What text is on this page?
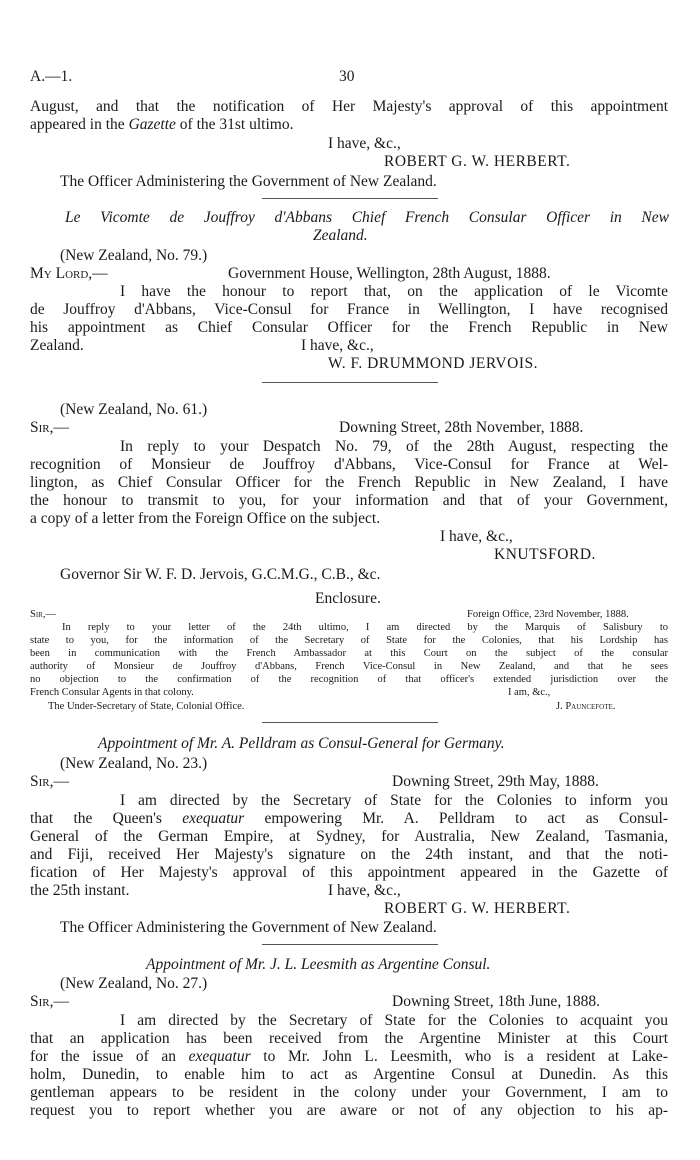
A.—1.	30
August, and that the notification of Her Majesty's approval of this appointment
appeared in the Gazette of the 31st ultimo.
I have, &c.,
ROBERT G. W. HERBERT.
The Officer Administering the Government of New Zealand.
Le Vicomte de Jouffroy d'Abbans Chief French Consular Officer in New
Zealand.
(New Zealand, No. 79.)
My Lord,—	Government House, Wellington, 28th August, 1888.
I have the honour to report that, on the application of le Vicomte
de Jouffroy d'Abbans, Vice-Consul for France in Wellington, I have recognised
his appointment as Chief Consular Officer for the French Republic in New
Zealand.	I have, &c.,
W. F. DRUMMOND JERVOIS.
(New Zealand, No. 61.)
Sir,—	Downing Street, 28th November, 1888.
In reply to your Despatch No. 79, of the 28th August, respecting the
recognition of Monsieur de Jouffroy d'Abbans, Vice-Consul for France at Wel-
lington, as Chief Consular Officer for the French Republic in New Zealand, I have
the honour to transmit to you, for your information and that of your Government,
a copy of a letter from the Foreign Office on the subject.
I have, &c.,
KNUTSFORD.
Governor Sir W. F. D. Jervois, G.C.M.G., C.B., &c.
Enclosure.
Sir,—	Foreign Office, 23rd November, 1888.
In reply to your letter of the 24th ultimo, I am directed by the Marquis of Salisbury to
state to you, for the information of the Secretary of State for the Colonies, that his Lordship has
been in communication with the French Ambassador at this Court on the subject of the consular
authority of Monsieur de Jouffroy d'Abbans, French Vice-Consul in New Zealand, and that he sees
no objection to the confirmation of the recognition of that officer's extended jurisdiction over the
French Consular Agents in that colony.	I am, &c.,
The Under-Secretary of State, Colonial Office.	J. Pauncefote.
Appointment of Mr. A. Pelldram as Consul-General for Germany.
(New Zealand, No. 23.)
Sir,—	Downing Street, 29th May, 1888.
I am directed by the Secretary of State for the Colonies to inform you
that the Queen's exequatur empowering Mr. A. Pelldram to act as Consul-
General of the German Empire, at Sydney, for Australia, New Zealand, Tasmania,
and Fiji, received Her Majesty's signature on the 24th instant, and that the noti-
fication of Her Majesty's approval of this appointment appeared in the Gazette of
the 25th instant.	I have, &c.,
ROBERT G. W. HERBERT.
The Officer Administering the Government of New Zealand.
Appointment of Mr. J. L. Leesmith as Argentine Consul.
(New Zealand, No. 27.)
Sir,—	Downing Street, 18th June, 1888.
I am directed by the Secretary of State for the Colonies to acquaint you
that an application has been received from the Argentine Minister at this Court
for the issue of an exequatur to Mr. John L. Leesmith, who is a resident at Lake-
holm, Dunedin, to enable him to act as Argentine Consul at Dunedin. As this
gentleman appears to be resident in the colony under your Government, I am to
request you to report whether you are aware or not of any objection to his ap-
